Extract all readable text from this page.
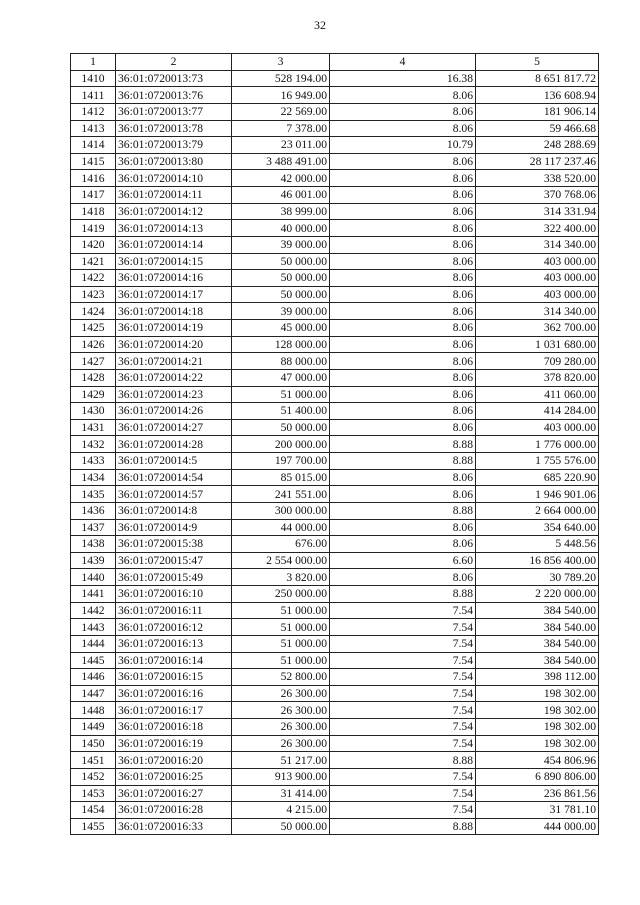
32
1	2	3	4	5
1410	36:01:0720013:73	528 194.00	16.38	8 651 817.72
1411	36:01:0720013:76	16 949.00	8.06	136 608.94
1412	36:01:0720013:77	22 569.00	8.06	181 906.14
1413	36:01:0720013:78	7 378.00	8.06	59 466.68
1414	36:01:0720013:79	23 011.00	10.79	248 288.69
1415	36:01:0720013:80	3 488 491.00	8.06	28 117 237.46
1416	36:01:0720014:10	42 000.00	8.06	338 520.00
1417	36:01:0720014:11	46 001.00	8.06	370 768.06
1418	36:01:0720014:12	38 999.00	8.06	314 331.94
1419	36:01:0720014:13	40 000.00	8.06	322 400.00
1420	36:01:0720014:14	39 000.00	8.06	314 340.00
1421	36:01:0720014:15	50 000.00	8.06	403 000.00
1422	36:01:0720014:16	50 000.00	8.06	403 000.00
1423	36:01:0720014:17	50 000.00	8.06	403 000.00
1424	36:01:0720014:18	39 000.00	8.06	314 340.00
1425	36:01:0720014:19	45 000.00	8.06	362 700.00
1426	36:01:0720014:20	128 000.00	8.06	1 031 680.00
1427	36:01:0720014:21	88 000.00	8.06	709 280.00
1428	36:01:0720014:22	47 000.00	8.06	378 820.00
1429	36:01:0720014:23	51 000.00	8.06	411 060.00
1430	36:01:0720014:26	51 400.00	8.06	414 284.00
1431	36:01:0720014:27	50 000.00	8.06	403 000.00
1432	36:01:0720014:28	200 000.00	8.88	1 776 000.00
1433	36:01:0720014:5	197 700.00	8.88	1 755 576.00
1434	36:01:0720014:54	85 015.00	8.06	685 220.90
1435	36:01:0720014:57	241 551.00	8.06	1 946 901.06
1436	36:01:0720014:8	300 000.00	8.88	2 664 000.00
1437	36:01:0720014:9	44 000.00	8.06	354 640.00
1438	36:01:0720015:38	676.00	8.06	5 448.56
1439	36:01:0720015:47	2 554 000.00	6.60	16 856 400.00
1440	36:01:0720015:49	3 820.00	8.06	30 789.20
1441	36:01:0720016:10	250 000.00	8.88	2 220 000.00
1442	36:01:0720016:11	51 000.00	7.54	384 540.00
1443	36:01:0720016:12	51 000.00	7.54	384 540.00
1444	36:01:0720016:13	51 000.00	7.54	384 540.00
1445	36:01:0720016:14	51 000.00	7.54	384 540.00
1446	36:01:0720016:15	52 800.00	7.54	398 112.00
1447	36:01:0720016:16	26 300.00	7.54	198 302.00
1448	36:01:0720016:17	26 300.00	7.54	198 302.00
1449	36:01:0720016:18	26 300.00	7.54	198 302.00
1450	36:01:0720016:19	26 300.00	7.54	198 302.00
1451	36:01:0720016:20	51 217.00	8.88	454 806.96
1452	36:01:0720016:25	913 900.00	7.54	6 890 806.00
1453	36:01:0720016:27	31 414.00	7.54	236 861.56
1454	36:01:0720016:28	4 215.00	7.54	31 781.10
1455	36:01:0720016:33	50 000.00	8.88	444 000.00
